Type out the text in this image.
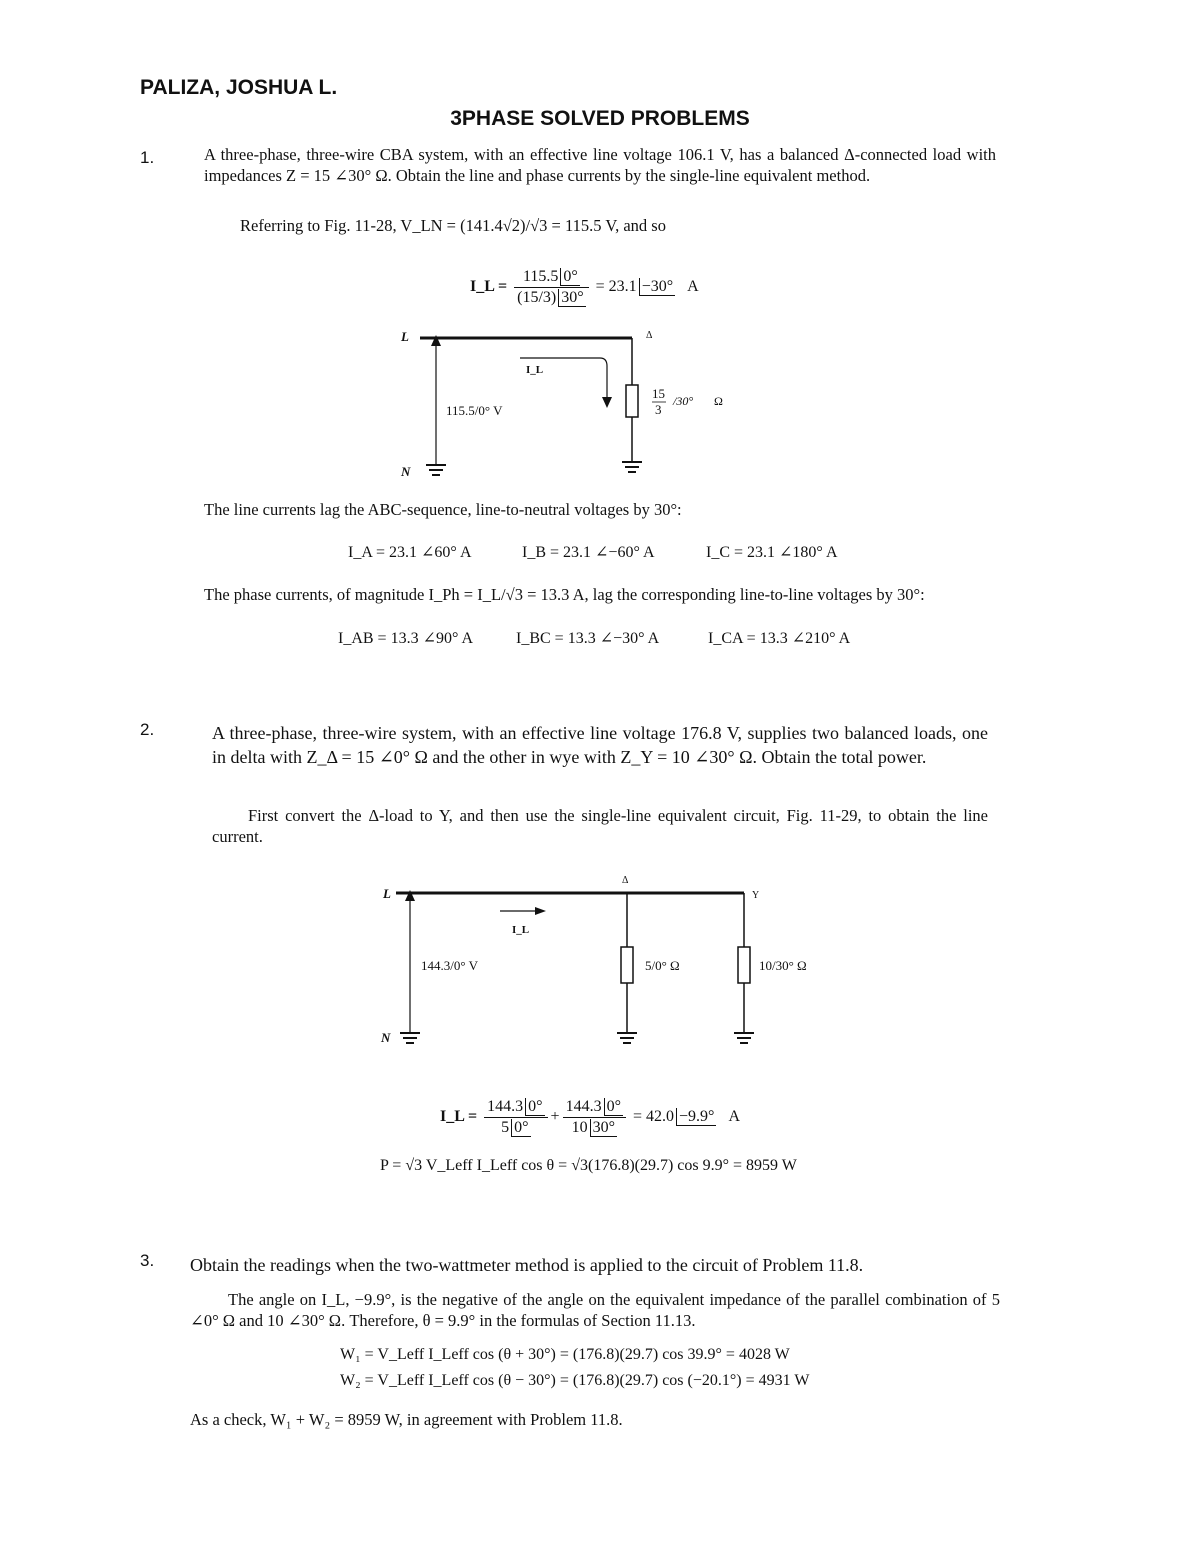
PALIZA, JOSHUA L.
3PHASE SOLVED PROBLEMS
1.	A three-phase, three-wire CBA system, with an effective line voltage 106.1 V, has a balanced Δ-connected load with impedances Z = 15 ∠30° Ω. Obtain the line and phase currents by the single-line equivalent method.
Referring to Fig. 11-28, V_LN = (141.4√2)/√3 = 115.5 V, and so
I_L = $\frac{115.5 0^\circ}{(15/3) 30^\circ} = 23.1 -30^\circ$ A
L
N
Δ
I_L
115.5/0° V
15
3
/30° Ω
The line currents lag the ABC-sequence, line-to-neutral voltages by 30°:
I_A = 23.1 ∠60° A	I_B = 23.1 ∠−60° A	I_C = 23.1 ∠180° A
The phase currents, of magnitude I_Ph = I_L/√3 = 13.3 A, lag the corresponding line-to-line voltages by 30°:
I_AB = 13.3 ∠90° A	I_BC = 13.3 ∠−30° A	I_CA = 13.3 ∠210° A
2.	A three-phase, three-wire system, with an effective line voltage 176.8 V, supplies two balanced loads, one in delta with Z_Δ = 15 ∠0° Ω and the other in wye with Z_Y = 10 ∠30° Ω. Obtain the total power.
First convert the Δ-load to Y, and then use the single-line equivalent circuit, Fig. 11-29, to obtain the line current.
L
N
Δ
Y
I_L
144.3/0° V	5/0° Ω	10/30° Ω
I_L = $\frac{144.3 0^\circ}{5 0^\circ} + \frac{144.3 0^\circ}{10 30^\circ} = 42.0 -9.9^\circ$ A
P = √3 V_Leff I_Leff cos θ = √3(176.8)(29.7) cos 9.9° = 8959 W
3. Obtain the readings when the two-wattmeter method is applied to the circuit of Problem 11.8.
The angle on I_L, −9.9°, is the negative of the angle on the equivalent impedance of the parallel combination of 5 ∠0° Ω and 10 ∠30° Ω. Therefore, θ = 9.9° in the formulas of Section 11.13.
W₁ = V_Leff I_Leff cos (θ + 30°) = (176.8)(29.7) cos 39.9° = 4028 W
W₂ = V_Leff I_Leff cos (θ − 30°) = (176.8)(29.7) cos (−20.1°) = 4931 W
As a check, W₁ + W₂ = 8959 W, in agreement with Problem 11.8.
